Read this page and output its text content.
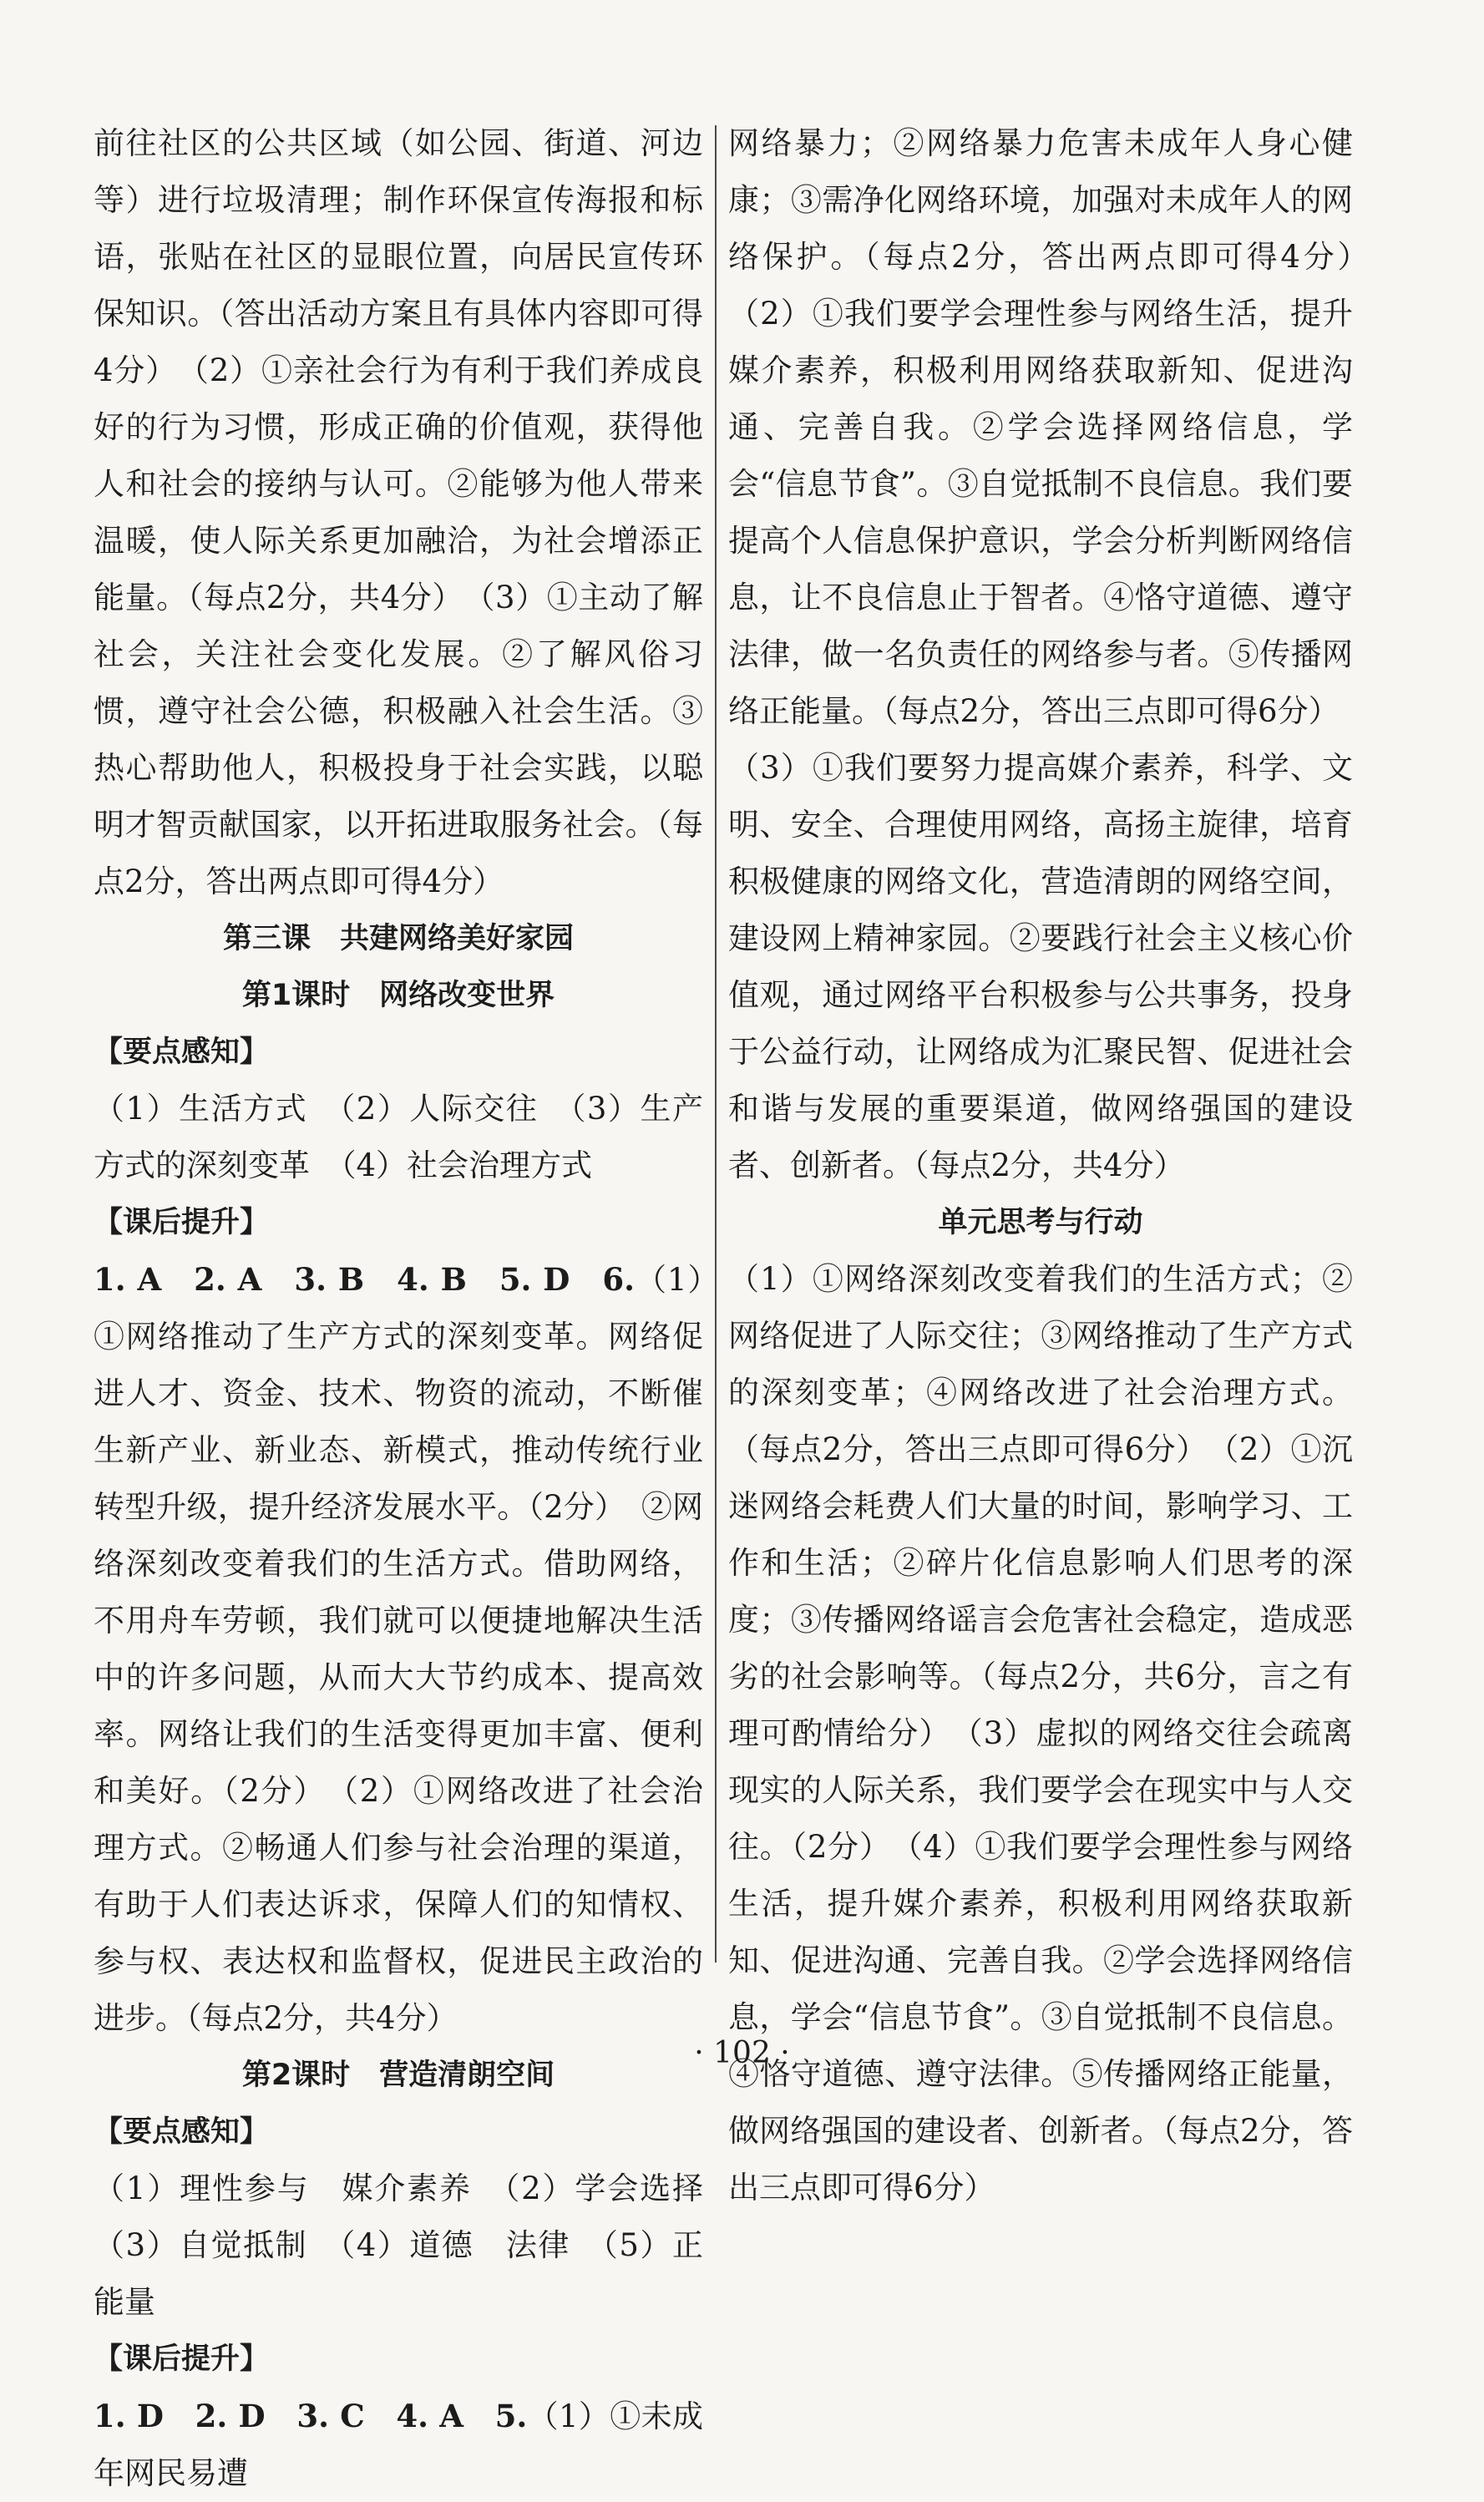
前往社区的公共区域（如公园、街道、河边等）进行垃圾清理；制作环保宣传海报和标语，张贴在社区的显眼位置，向居民宣传环保知识。（答出活动方案且有具体内容即可得4分）　（2）①亲社会行为有利于我们养成良好的行为习惯，形成正确的价值观，获得他人和社会的接纳与认可。②能够为他人带来温暖，使人际关系更加融洽，为社会增添正能量。（每点2分，共4分）　（3）①主动了解社会，关注社会变化发展。②了解风俗习惯，遵守社会公德，积极融入社会生活。③热心帮助他人，积极投身于社会实践，以聪明才智贡献国家，以开拓进取服务社会。（每点2分，答出两点即可得4分）

第三课　共建网络美好家园
第1课时　网络改变世界
【要点感知】

（1）生活方式　（2）人际交往　（3）生产方式的深刻变革　（4）社会治理方式

【课后提升】

1. A　2. A　3. B　4. B　5. D　6.（1）①网络推动了生产方式的深刻变革。网络促进人才、资金、技术、物资的流动，不断催生新产业、新业态、新模式，推动传统行业转型升级，提升经济发展水平。（2分）　②网络深刻改变着我们的生活方式。借助网络，不用舟车劳顿，我们就可以便捷地解决生活中的许多问题，从而大大节约成本、提高效率。网络让我们的生活变得更加丰富、便利和美好。（2分）　（2）①网络改进了社会治理方式。②畅通人们参与社会治理的渠道，有助于人们表达诉求，保障人们的知情权、参与权、表达权和监督权，促进民主政治的进步。（每点2分，共4分）

第2课时　营造清朗空间
【要点感知】

（1）理性参与　媒介素养　（2）学会选择　（3）自觉抵制　（4）道德　法律　（5）正能量

【课后提升】

1. D　2. D　3. C　4. A　5.（1）①未成年网民易遭

网络暴力；②网络暴力危害未成年人身心健康；③需净化网络环境，加强对未成年人的网络保护。（每点2分，答出两点即可得4分）　（2）①我们要学会理性参与网络生活，提升媒介素养，积极利用网络获取新知、促进沟通、完善自我。②学会选择网络信息，学会“信息节食”。③自觉抵制不良信息。我们要提高个人信息保护意识，学会分析判断网络信息，让不良信息止于智者。④恪守道德、遵守法律，做一名负责任的网络参与者。⑤传播网络正能量。（每点2分，答出三点即可得6分）

（3）①我们要努力提高媒介素养，科学、文明、安全、合理使用网络，高扬主旋律，培育积极健康的网络文化，营造清朗的网络空间，建设网上精神家园。②要践行社会主义核心价值观，通过网络平台积极参与公共事务，投身于公益行动，让网络成为汇聚民智、促进社会和谐与发展的重要渠道，做网络强国的建设者、创新者。（每点2分，共4分）

单元思考与行动

（1）①网络深刻改变着我们的生活方式；②网络促进了人际交往；③网络推动了生产方式的深刻变革；④网络改进了社会治理方式。（每点2分，答出三点即可得6分）　（2）①沉迷网络会耗费人们大量的时间，影响学习、工作和生活；②碎片化信息影响人们思考的深度；③传播网络谣言会危害社会稳定，造成恶劣的社会影响等。（每点2分，共6分，言之有理可酌情给分）　（3）虚拟的网络交往会疏离现实的人际关系，我们要学会在现实中与人交往。（2分）　（4）①我们要学会理性参与网络生活，提升媒介素养，积极利用网络获取新知、促进沟通、完善自我。②学会选择网络信息，学会“信息节食”。③自觉抵制不良信息。④恪守道德、遵守法律。⑤传播网络正能量，做网络强国的建设者、创新者。（每点2分，答出三点即可得6分）

· 102 ·
